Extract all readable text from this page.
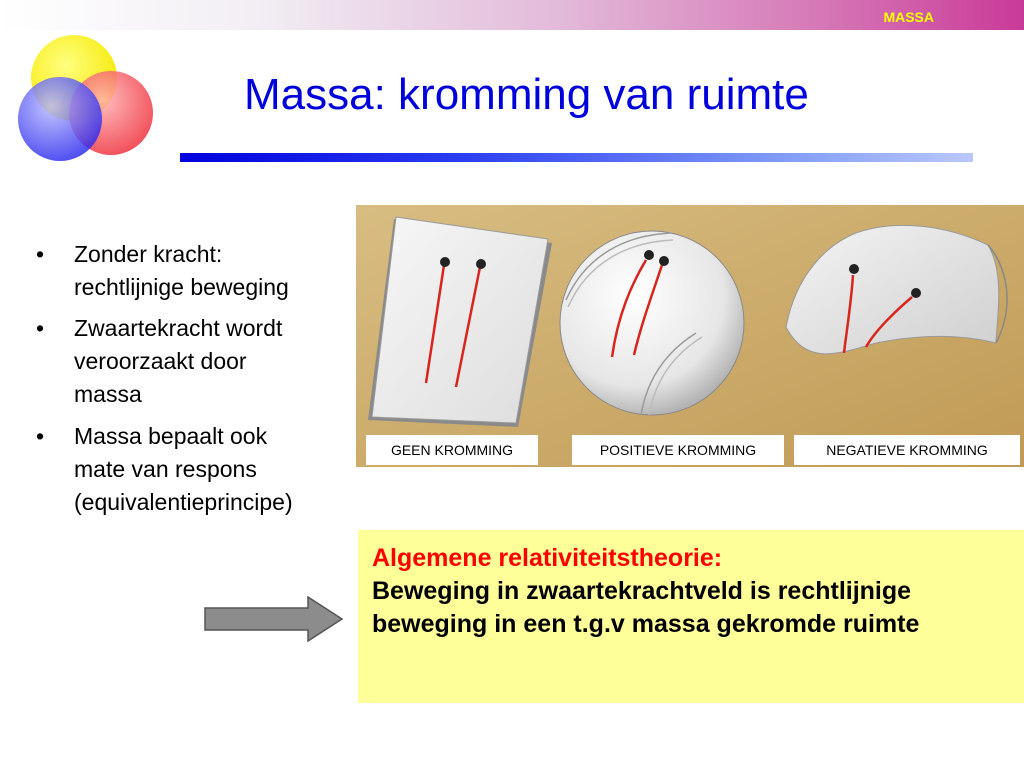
MASSA
Massa: kromming van ruimte
• Zonder kracht:
rechtlijnige beweging
• Zwaartekracht wordt
veroorzaakt door
massa
• Massa bepaalt ook
mate van respons
(equivalentieprincipe)
GEEN KROMMING	POSITIEVE KROMMING	NEGATIEVE KROMMING
Algemene relativiteitstheorie:
Beweging in zwaartekrachtveld is rechtlijnige beweging in een t.g.v massa gekromde ruimte
